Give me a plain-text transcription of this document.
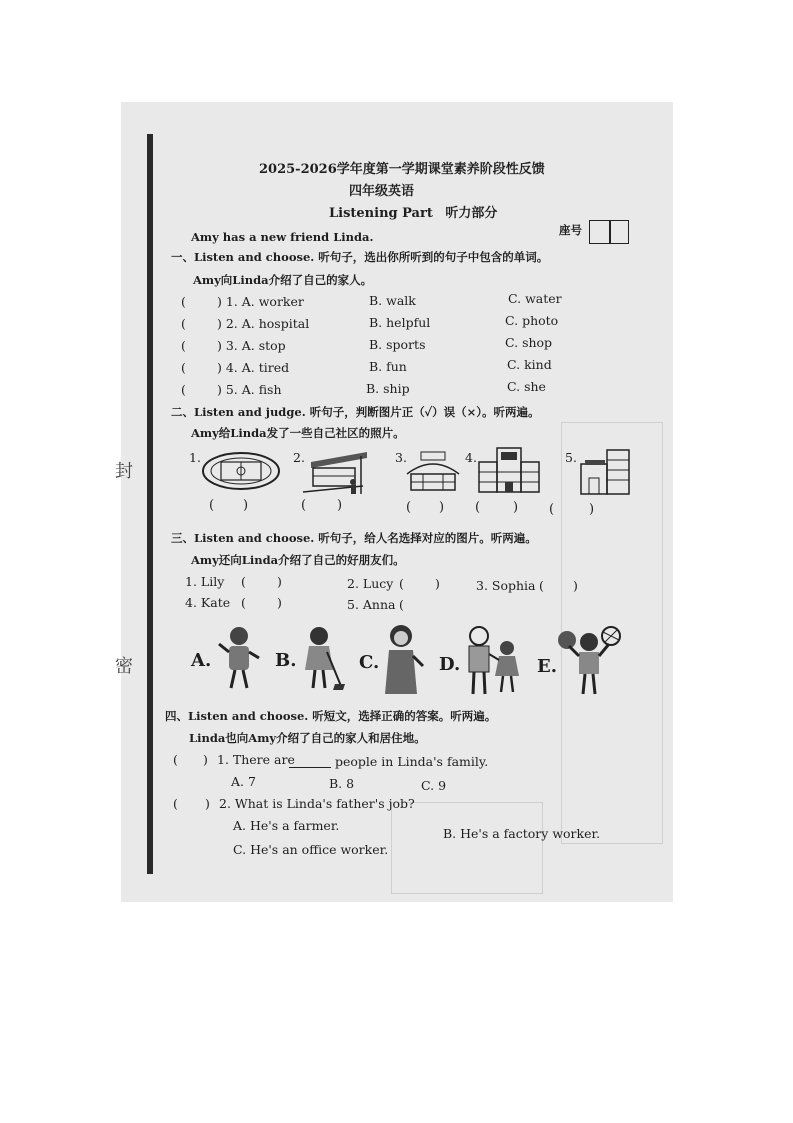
封
密
2025-2026学年度第一学期课堂素养阶段性反馈
四年级英语
Listening Part 听力部分
座号
Amy has a new friend Linda.
一、Listen and choose. 听句子，选出你所听到的句子中包含的单词。
Amy向Linda介绍了自己的家人。
( ) 1. A. worker	B. walk	C. water
( ) 2. A. hospital	B. helpful	C. photo
( ) 3. A. stop	B. sports	C. shop
( ) 4. A. tired	B. fun	C. kind
( ) 5. A. fish	B. ship	C. she
二、Listen and judge. 听句子，判断图片正（✓）误（×）。听两遍。
Amy给Linda发了一些自己社区的照片。
1.	2.	3.	4.	5.
( )	( )	( ) (	) (	)
三、Listen and choose. 听句子，给人名选择对应的图片。听两遍。
Amy还向Linda介绍了自己的好朋友们。
1. Lily ( )	2. Lucy ( )	3. Sophia ( )
4. Kate ( )	5. Anna (
A.	B.	C.	D.	E.
四、Listen and choose. 听短文，选择正确的答案。听两遍。
Linda也向Amy介绍了自己的家人和居住地。
( ) 1. There are	people in Linda's family.
A. 7	B. 8	C. 9
( ) 2. What is Linda's father's job?
A. He's a farmer.
B. He's a factory worker.
C. He's an office worker.
